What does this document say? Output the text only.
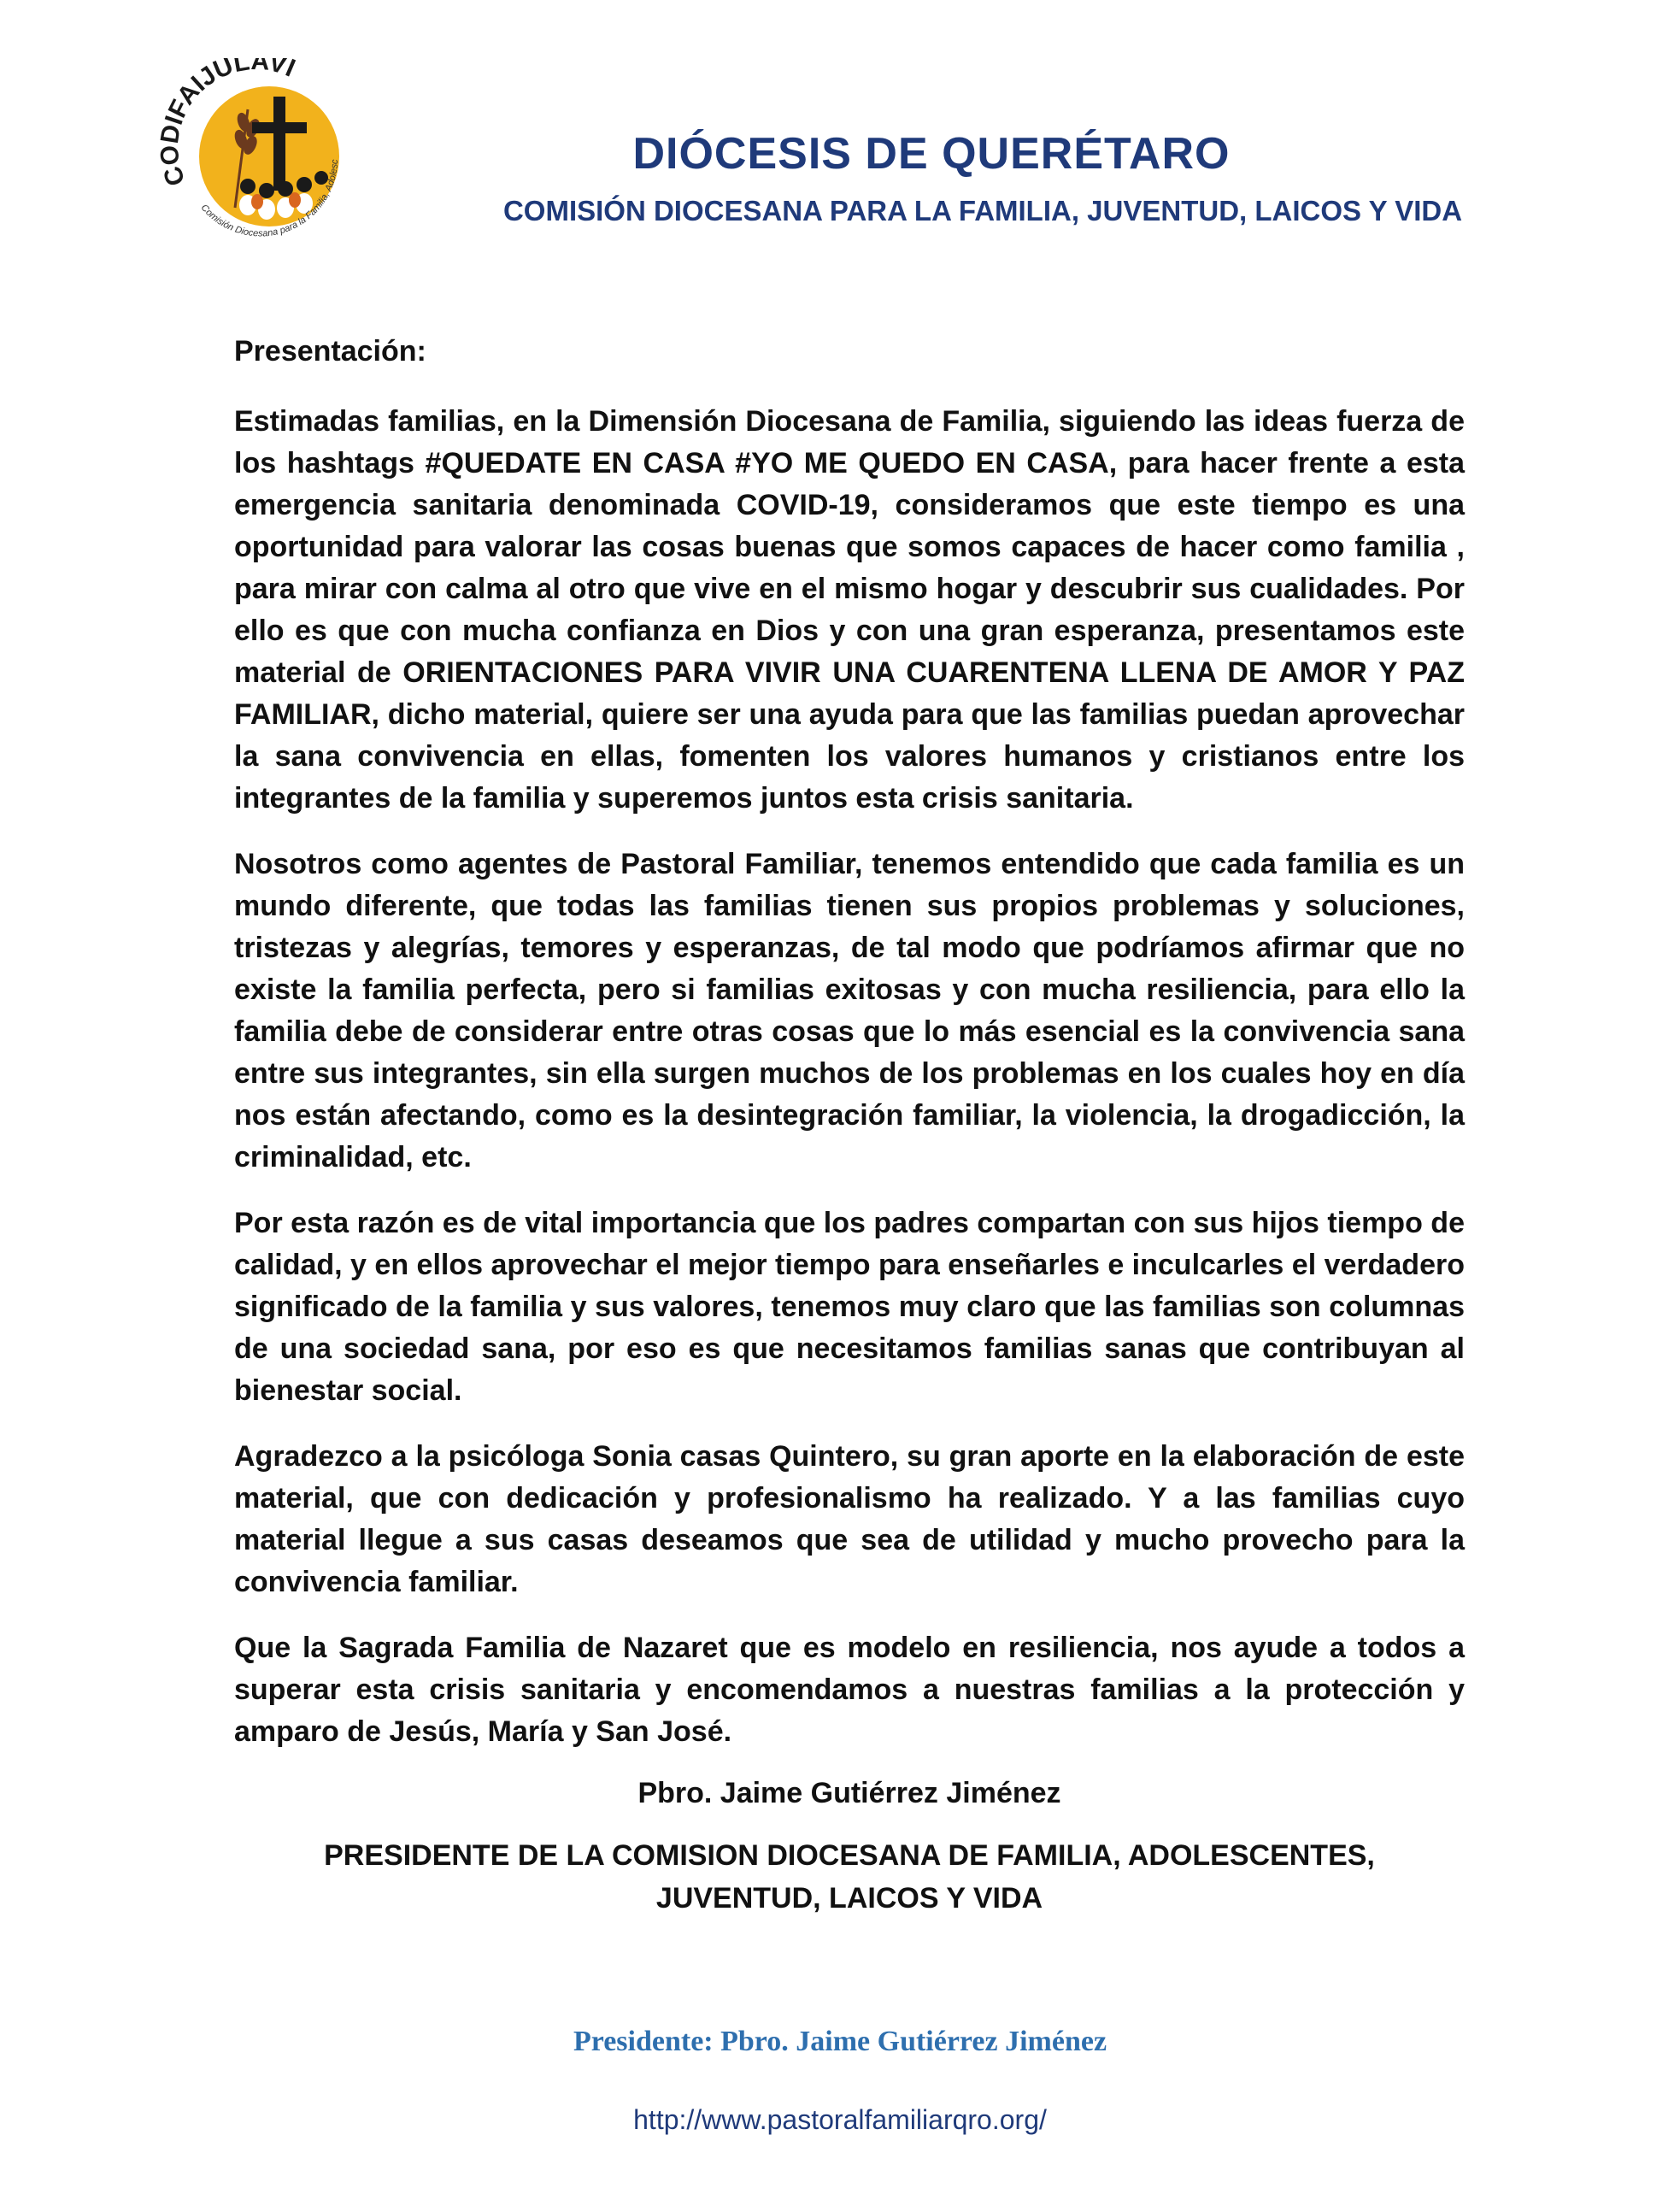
CODIFAIJULAVI
Comisión Diocesana para la Familia, Adolesc	DIÓCESIS DE QUERÉTARO
COMISIÓN DIOCESANA PARA LA FAMILIA, JUVENTUD, LAICOS Y VIDA
Presentación:

Estimadas familias, en la Dimensión Diocesana de Familia, siguiendo las ideas fuerza de los hashtags #QUEDATE EN CASA #YO ME QUEDO EN CASA, para hacer frente a esta emergencia sanitaria denominada COVID-19, consideramos que este tiempo es una oportunidad para valorar las cosas buenas que somos capaces de hacer como familia , para mirar con calma al otro que vive en el mismo hogar y descubrir sus cualidades. Por ello es que con mucha confianza en Dios y con una gran esperanza, presentamos este material de ORIENTACIONES PARA VIVIR UNA CUARENTENA LLENA DE AMOR Y PAZ FAMILIAR, dicho material, quiere ser una ayuda para que las familias puedan aprovechar la sana convivencia en ellas, fomenten los valores humanos y cristianos entre los integrantes de la familia y superemos juntos esta crisis sanitaria.

Nosotros como agentes de Pastoral Familiar, tenemos entendido que cada familia es un mundo diferente, que todas las familias tienen sus propios problemas y soluciones, tristezas y alegrías, temores y esperanzas, de tal modo que podríamos afirmar que no existe la familia perfecta, pero si familias exitosas y con mucha resiliencia, para ello la familia debe de considerar entre otras cosas que lo más esencial es la convivencia sana entre sus integrantes, sin ella surgen muchos de los problemas en los cuales hoy en día nos están afectando, como es la desintegración familiar, la violencia, la drogadicción, la criminalidad, etc.

Por esta razón es de vital importancia que los padres compartan con sus hijos tiempo de calidad, y en ellos aprovechar el mejor tiempo para enseñarles e inculcarles el verdadero significado de la familia y sus valores, tenemos muy claro que las familias son columnas de una sociedad sana, por eso es que necesitamos familias sanas que contribuyan al bienestar social.

Agradezco a la psicóloga Sonia casas Quintero, su gran aporte en la elaboración de este material, que con dedicación y profesionalismo ha realizado. Y a las familias cuyo material llegue a sus casas deseamos que sea de utilidad y mucho provecho para la convivencia familiar.

Que la Sagrada Familia de Nazaret que es modelo en resiliencia, nos ayude a todos a superar esta crisis sanitaria y encomendamos a nuestras familias a la protección y amparo de Jesús, María y San José.

Pbro. Jaime Gutiérrez Jiménez
PRESIDENTE DE LA COMISION DIOCESANA DE FAMILIA, ADOLESCENTES,
JUVENTUD, LAICOS Y VIDA
Presidente: Pbro. Jaime Gutiérrez Jiménez
http://www.pastoralfamiliarqro.org/
